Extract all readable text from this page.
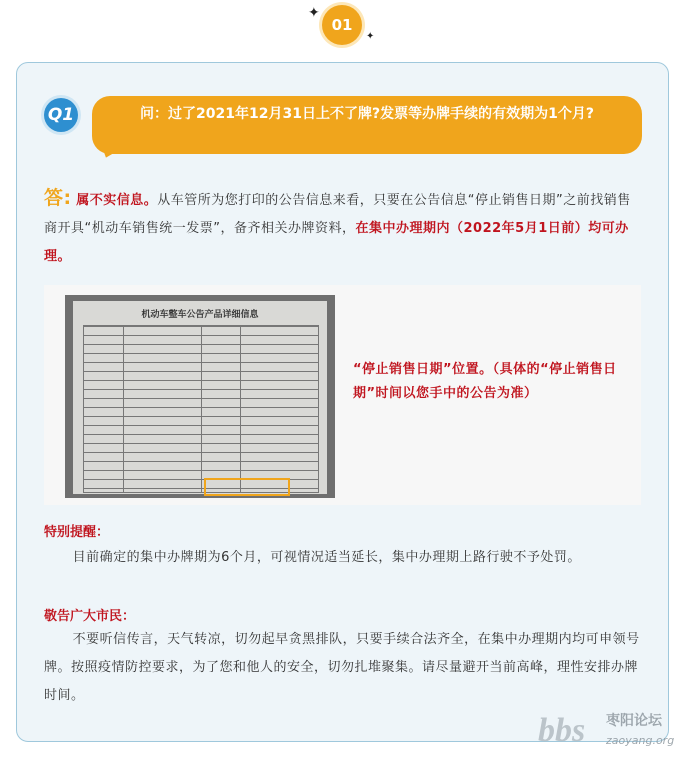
✦
✦
01
Q1	问：过了2021年12月31日上不了牌?发票等办牌手续的有效期为1个月?
答: 属不实信息。从车管所为您打印的公告信息来看，只要在公告信息“停止销售日期”之前找销售商开具“机动车销售统一发票”，备齐相关办牌资料，在集中办理期内（2022年5月1日前）均可办理。
机动车整车公告产品详细信息
“停止销售日期”位置。（具体的“停止销售日期”时间以您手中的公告为准）
特别提醒：
目前确定的集中办牌期为6个月，可视情况适当延长，集中办理期上路行驶不予处罚。
敬告广大市民：
不要听信传言，天气转凉，切勿起早贪黑排队，只要手续合法齐全，在集中办理期内均可申领号牌。按照疫情防控要求，为了您和他人的安全，切勿扎堆聚集。请尽量避开当前高峰，理性安排办牌时间。
bbs 枣阳论坛
zaoyang.org
